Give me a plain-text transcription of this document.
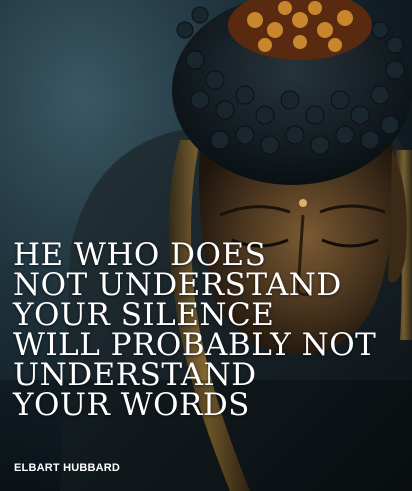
HE WHO DOES
NOT UNDERSTAND
YOUR SILENCE
WILL PROBABLY NOT
UNDERSTAND
YOUR WORDS
ELBART HUBBARD
